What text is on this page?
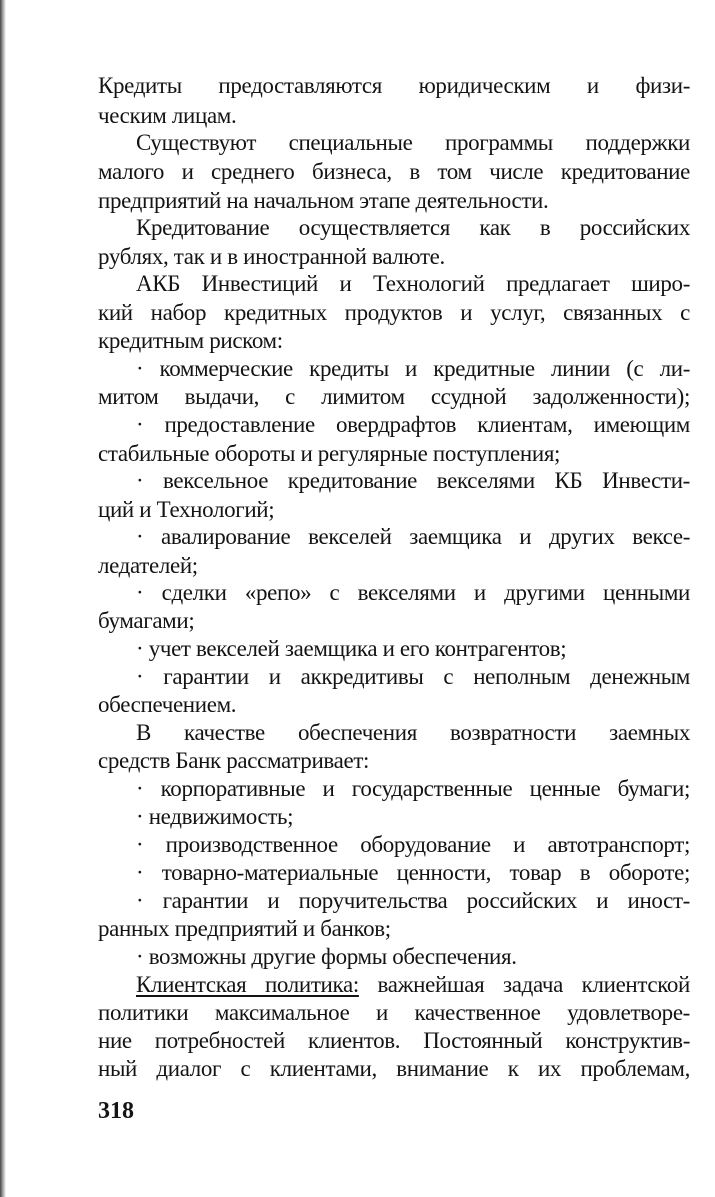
Кредиты предоставляются юридическим и физи-
ческим лицам.
Существуют специальные программы поддержки
малого и среднего бизнеса, в том числе кредитование
предприятий на начальном этапе деятельности.
Кредитование осуществляется как в российских
рублях, так и в иностранной валюте.
АКБ Инвестиций и Технологий предлагает широ-
кий набор кредитных продуктов и услуг, связанных с
кредитным риском:
· коммерческие кредиты и кредитные линии (с ли-
митом выдачи, с лимитом ссудной задолженности);
· предоставление овердрафтов клиентам, имеющим
стабильные обороты и регулярные поступления;
· вексельное кредитование векселями КБ Инвести-
ций и Технологий;
· авалирование векселей заемщика и других вексе-
ледателей;
· сделки «репо» с векселями и другими ценными
бумагами;
· учет векселей заемщика и его контрагентов;
· гарантии и аккредитивы с неполным денежным
обеспечением.
В качестве обеспечения возвратности заемных
средств Банк рассматривает:
· корпоративные и государственные ценные бумаги;
· недвижимость;
· производственное оборудование и автотранспорт;
· товарно-материальные ценности, товар в обороте;
· гарантии и поручительства российских и иност-
ранных предприятий и банков;
· возможны другие формы обеспечения.
Клиентская политика: важнейшая задача клиентской
политики максимальное и качественное удовлетворе-
ние потребностей клиентов. Постоянный конструктив-
ный диалог с клиентами, внимание к их проблемам,
318
